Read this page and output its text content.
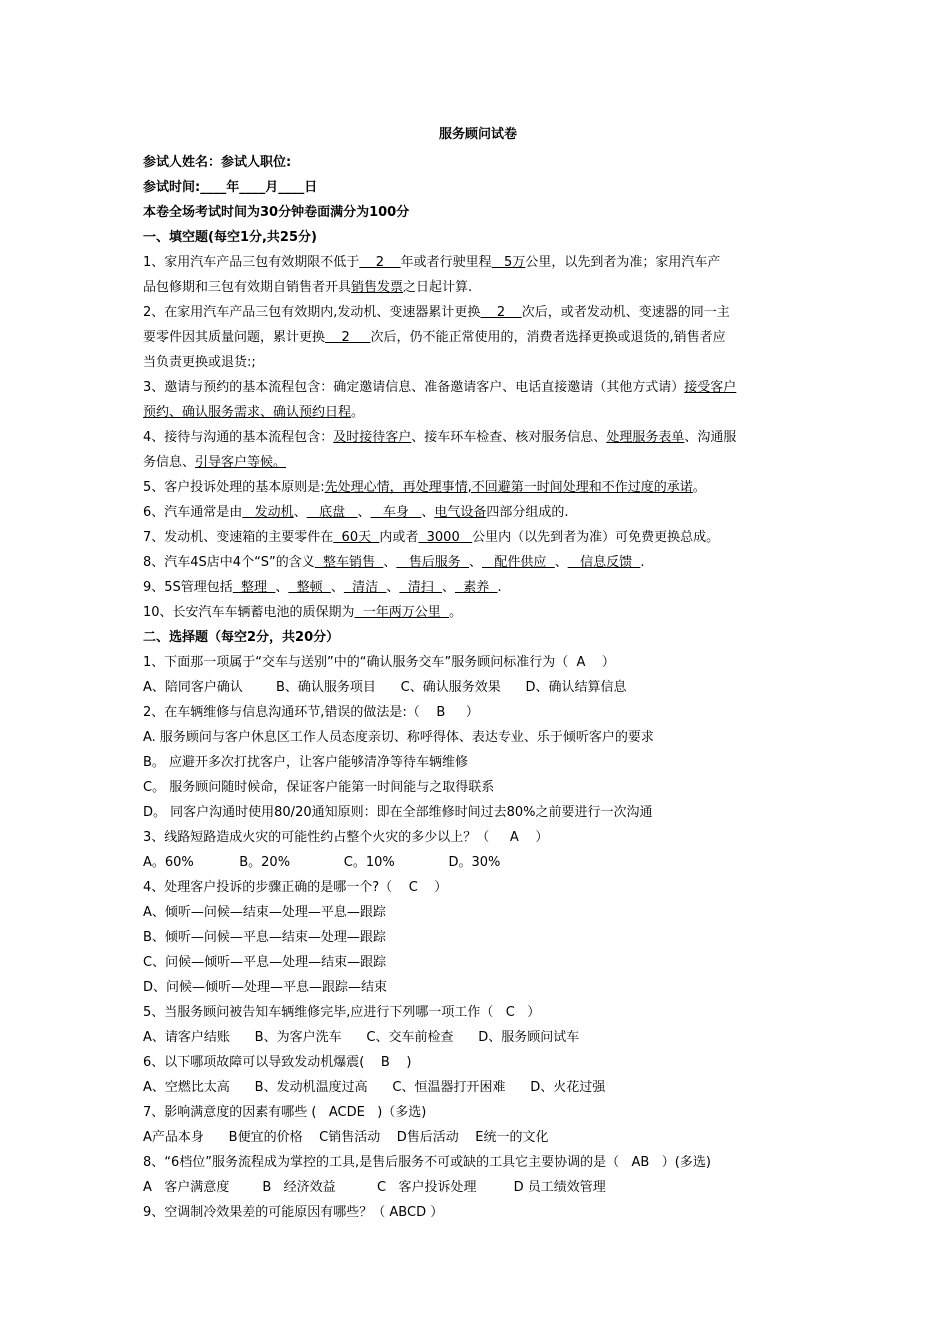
服务顾问试卷
参试人姓名：参试人职位:
参试时间:____年____月____日
本卷全场考试时间为30分钟卷面满分为100分
一、填空题(每空1分,共25分)
1、家用汽车产品三包有效期限不低于    2    年或者行驶里程   5万公里，以先到者为准；家用汽车产
品包修期和三包有效期自销售者开具销售发票之日起计算.
2、在家用汽车产品三包有效期内,发动机、变速器累计更换    2    次后，或者发动机、变速器的同一主
要零件因其质量问题，累计更换    2     次后，仍不能正常使用的，消费者选择更换或退货的,销售者应
当负责更换或退货:;
3、邀请与预约的基本流程包含：确定邀请信息、准备邀请客户、电话直接邀请（其他方式请）接受客户
预约、确认服务需求、确认预约日程。
4、接待与沟通的基本流程包含：及时接待客户、接车环车检查、核对服务信息、处理服务表单、沟通服
务信息、引导客户等候。
5、客户投诉处理的基本原则是:先处理心情，再处理事情,不回避第一时间处理和不作过度的承诺。
6、汽车通常是由   发动机、   底盘   、   车身   、电气设备四部分组成的.
7、发动机、变速箱的主要零件在  60天  内或者  3000   公里内（以先到者为准）可免费更换总成。
8、汽车4S店中4个“S”的含义  整车销售  、   售后服务  、   配件供应  、   信息反馈  .
9、5S管理包括  整理  、  整顿  、  清洁  、  清扫  、  素养  .
10、长安汽车车辆蓄电池的质保期为  一年两万公里  。
二、选择题（每空2分，共20分）
1、下面那一项属于“交车与送别”中的“确认服务交车”服务顾问标准行为（  A    ）
A、陪同客户确认        B、确认服务项目      C、确认服务效果      D、确认结算信息
2、在车辆维修与信息沟通环节,错误的做法是:（    B     ）
A. 服务顾问与客户休息区工作人员态度亲切、称呼得体、表达专业、乐于倾听客户的要求
B。 应避开多次打扰客户，让客户能够清净等待车辆维修
C。 服务顾问随时候命，保证客户能第一时间能与之取得联系
D。 同客户沟通时使用80/20通知原则：即在全部维修时间过去80%之前要进行一次沟通
3、线路短路造成火灾的可能性约占整个火灾的多少以上？（     A    ）
A。60%           B。20%             C。10%             D。30%
4、处理客户投诉的步骤正确的是哪一个?（    C    ）
A、倾听—问候—结束—处理—平息—跟踪
B、倾听—问候—平息—结束—处理—跟踪
C、问候—倾听—平息—处理—结束—跟踪
D、问候—倾听—处理—平息—跟踪—结束
5、当服务顾问被告知车辆维修完毕,应进行下列哪一项工作（   C   ）
A、请客户结账      B、为客户洗车      C、交车前检查      D、服务顾问试车
6、以下哪项故障可以导致发动机爆震(    B    )
A、空燃比太高      B、发动机温度过高      C、恒温器打开困难      D、火花过强
7、影响满意度的因素有哪些 (   ACDE   )（多选)
A产品本身      B便宜的价格    C销售活动    D售后活动    E统一的文化
8、“6档位”服务流程成为掌控的工具,是售后服务不可或缺的工具它主要协调的是（   AB   ）(多选)
A   客户满意度        B   经济效益          C   客户投诉处理         D 员工绩效管理
9、空调制冷效果差的可能原因有哪些？（ ABCD ）
